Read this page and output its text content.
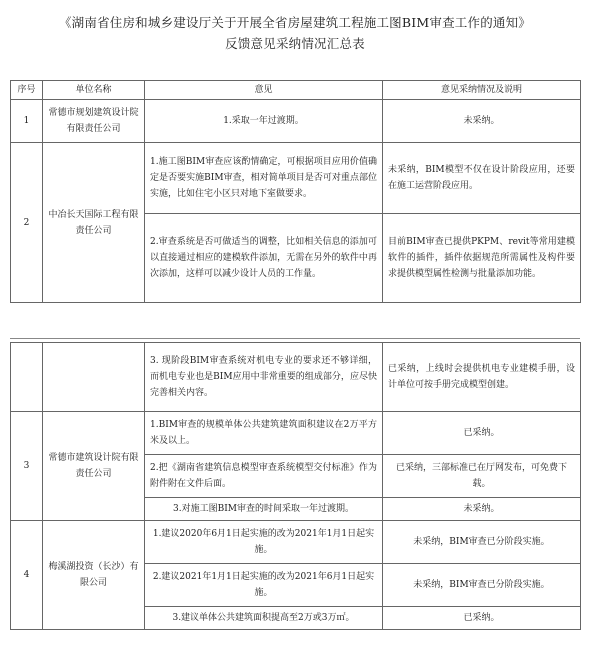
《湖南省住房和城乡建设厅关于开展全省房屋建筑工程施工图BIM审查工作的通知》
反馈意见采纳情况汇总表
序号	单位名称	意见	意见采纳情况及说明
1	常德市规划建筑设计院有限责任公司	1.采取一年过渡期。	未采纳。
2	中冶长天国际工程有限责任公司	1.施工图BIM审查应该酌情确定，可根据项目应用价值确定是否要实施BIM审查，相对简单项目是否可对重点部位实施，比如住宅小区只对地下室做要求。	未采纳，BIM模型不仅在设计阶段应用，还要在施工运营阶段应用。
		2.审查系统是否可做适当的调整，比如相关信息的添加可以直接通过相应的建模软件添加，无需在另外的软件中再次添加，这样可以减少设计人员的工作量。	目前BIM审查已提供PKPM、revit等常用建模软件的插件，插件依据规范所需属性及构件要求提供模型属性检测与批量添加功能。
		3. 现阶段BIM审查系统对机电专业的要求还不够详细，而机电专业也是BIM应用中非常重要的组成部分，应尽快完善相关内容。	已采纳，上线时会提供机电专业建模手册，设计单位可按手册完成模型创建。
3	常德市建筑设计院有限责任公司	1.BIM审查的规模单体公共建筑建筑面积建议在2万平方米及以上。	已采纳。
		2.把《湖南省建筑信息模型审查系统模型交付标准》作为附件附在文件后面。	已采纳，三部标准已在厅网发布，可免费下载。
		3.对施工图BIM审查的时间采取一年过渡期。	未采纳。
4	梅溪湖投资（长沙）有限公司	1.建议2020年6月1日起实施的改为2021年1月1日起实施。	未采纳，BIM审查已分阶段实施。
		2.建议2021年1月1日起实施的改为2021年6月1日起实施。	未采纳，BIM审查已分阶段实施。
		3.建议单体公共建筑面积提高至2万或3万㎡。	已采纳。
